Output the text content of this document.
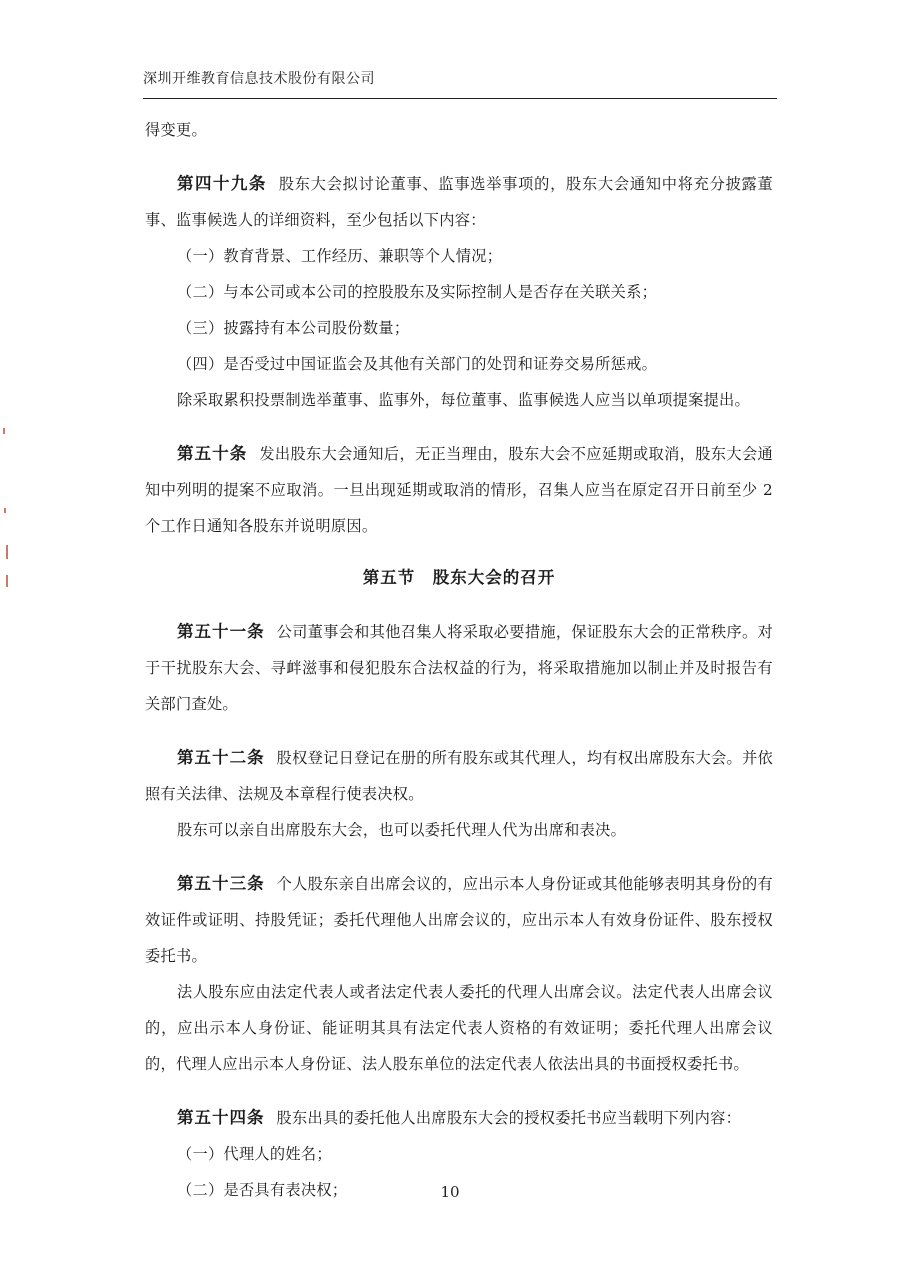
深圳开维教育信息技术股份有限公司

得变更。

第四十九条 股东大会拟讨论董事、监事选举事项的，股东大会通知中将充分披露董事、监事候选人的详细资料，至少包括以下内容：

（一）教育背景、工作经历、兼职等个人情况；

（二）与本公司或本公司的控股股东及实际控制人是否存在关联关系；

（三）披露持有本公司股份数量；

（四）是否受过中国证监会及其他有关部门的处罚和证券交易所惩戒。

除采取累积投票制选举董事、监事外，每位董事、监事候选人应当以单项提案提出。

第五十条 发出股东大会通知后，无正当理由，股东大会不应延期或取消，股东大会通知中列明的提案不应取消。一旦出现延期或取消的情形，召集人应当在原定召开日前至少 2 个工作日通知各股东并说明原因。

第五节　股东大会的召开

第五十一条 公司董事会和其他召集人将采取必要措施，保证股东大会的正常秩序。对于干扰股东大会、寻衅滋事和侵犯股东合法权益的行为，将采取措施加以制止并及时报告有关部门查处。

第五十二条 股权登记日登记在册的所有股东或其代理人，均有权出席股东大会。并依照有关法律、法规及本章程行使表决权。

股东可以亲自出席股东大会，也可以委托代理人代为出席和表决。

第五十三条 个人股东亲自出席会议的，应出示本人身份证或其他能够表明其身份的有效证件或证明、持股凭证；委托代理他人出席会议的，应出示本人有效身份证件、股东授权委托书。

法人股东应由法定代表人或者法定代表人委托的代理人出席会议。法定代表人出席会议的，应出示本人身份证、能证明其具有法定代表人资格的有效证明；委托代理人出席会议的，代理人应出示本人身份证、法人股东单位的法定代表人依法出具的书面授权委托书。

第五十四条 股东出具的委托他人出席股东大会的授权委托书应当载明下列内容：

（一）代理人的姓名；

（二）是否具有表决权；	10
